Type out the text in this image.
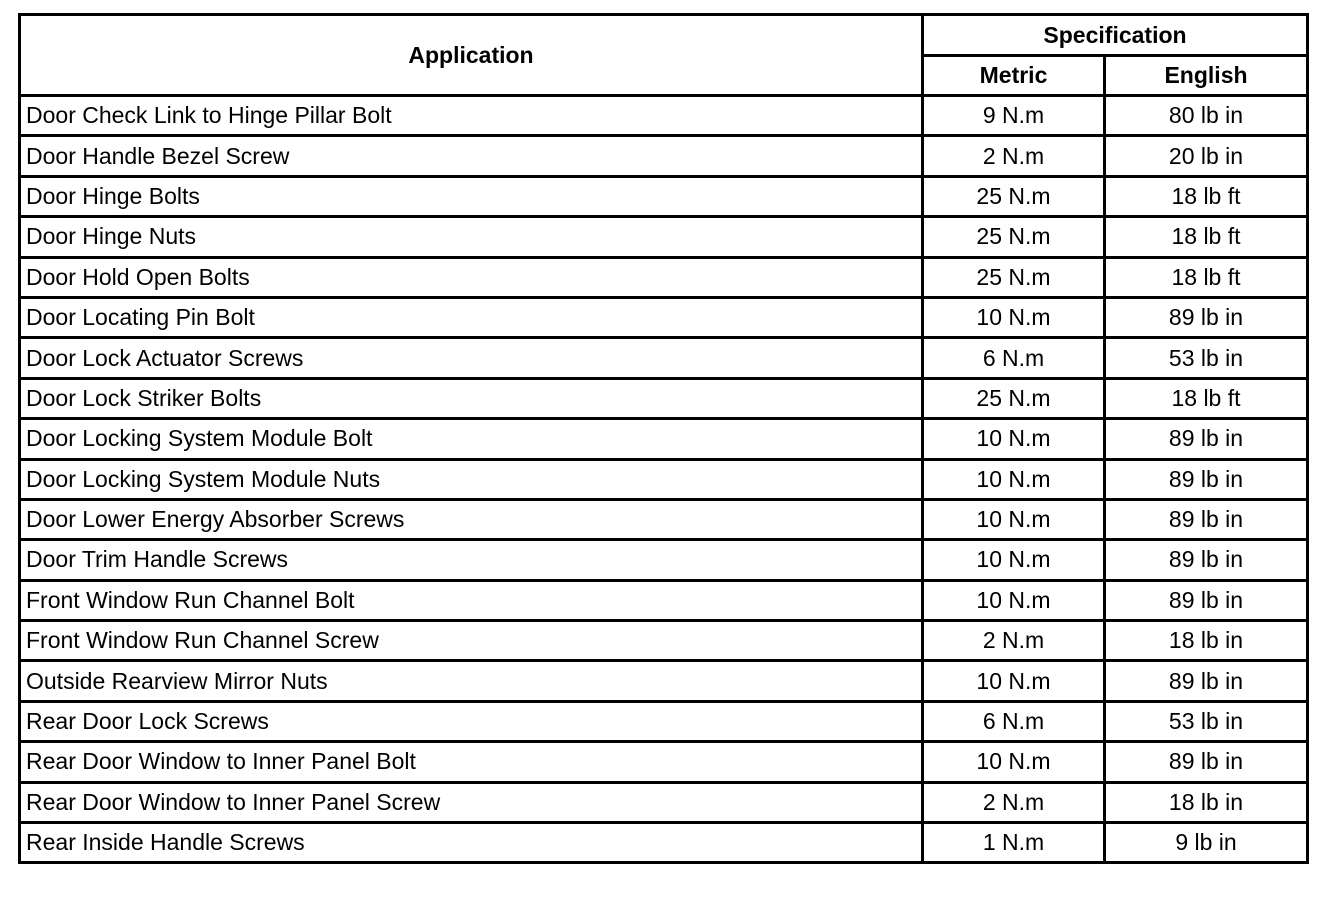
Application	Specification	
	Metric	English
Door Check Link to Hinge Pillar Bolt	9 N.m	80 lb in
Door Handle Bezel Screw	2 N.m	20 lb in
Door Hinge Bolts	25 N.m	18 lb ft
Door Hinge Nuts	25 N.m	18 lb ft
Door Hold Open Bolts	25 N.m	18 lb ft
Door Locating Pin Bolt	10 N.m	89 lb in
Door Lock Actuator Screws	6 N.m	53 lb in
Door Lock Striker Bolts	25 N.m	18 lb ft
Door Locking System Module Bolt	10 N.m	89 lb in
Door Locking System Module Nuts	10 N.m	89 lb in
Door Lower Energy Absorber Screws	10 N.m	89 lb in
Door Trim Handle Screws	10 N.m	89 lb in
Front Window Run Channel Bolt	10 N.m	89 lb in
Front Window Run Channel Screw	2 N.m	18 lb in
Outside Rearview Mirror Nuts	10 N.m	89 lb in
Rear Door Lock Screws	6 N.m	53 lb in
Rear Door Window to Inner Panel Bolt	10 N.m	89 lb in
Rear Door Window to Inner Panel Screw	2 N.m	18 lb in
Rear Inside Handle Screws	1 N.m	9 lb in
